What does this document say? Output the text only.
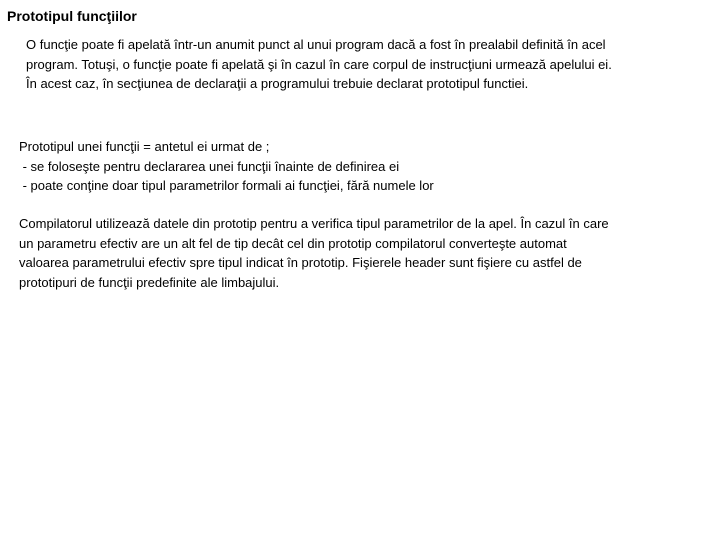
Prototipul funcţiilor
O funcţie poate fi apelată într-un anumit punct al unui program dacă a fost în prealabil definită în acel
program. Totuşi, o funcţie poate fi apelată şi în cazul în care corpul de instrucţiuni urmează apelului ei.
În acest caz, în secţiunea de declaraţii a programului trebuie declarat prototipul functiei.
Prototipul unei funcţii = antetul ei urmat de ;
- se foloseşte pentru declararea unei funcţii înainte de definirea ei
- poate conţine doar tipul parametrilor formali ai funcţiei, fără numele lor
Compilatorul utilizează datele din prototip pentru a verifica tipul parametrilor de la apel. În cazul în care
un parametru efectiv are un alt fel de tip decât cel din prototip compilatorul converteşte automat
valoarea parametrului efectiv spre tipul indicat în prototip. Fişierele header sunt fişiere cu astfel de
prototipuri de funcţii predefinite ale limbajului.
